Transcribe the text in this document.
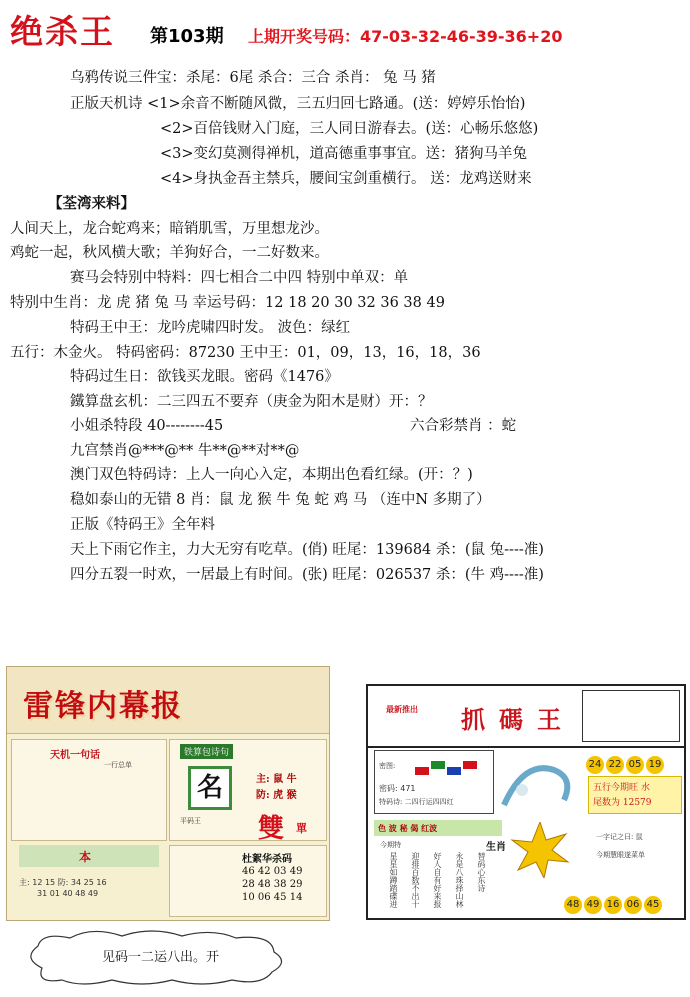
绝杀王 第103期 上期开奖号码：47-03-32-46-39-36+20
乌鸦传说三件宝：杀尾：6尾 杀合：三合 杀肖： 兔 马 猪
正版天机诗 <1>余音不断随风微，三五归回七路通。(送：婷婷乐怡怡)
<2>百倍钱财入门庭，三人同日游春去。(送：心畅乐悠悠)
<3>变幻莫测得禅机，道高德重事事宜。送：猪狗马羊兔
<4>身执金吾主禁兵，腰间宝剑重横行。 送：龙鸡送财来
【荃湾来料】
人间天上，龙合蛇鸡来；暗销肌雪，万里想龙沙。
鸡蛇一起，秋风横大歌；羊狗好合，一二好数来。
赛马会特别中特料：四七相合二中四 特别中单双：单
特别中生肖：龙 虎 猪 兔 马 幸运号码：12 18 20 30 32 36 38 49
特码王中王：龙吟虎啸四时发。 波色：绿红
五行：木金火。 特码密码：87230 王中王：01，09，13，16，18，36
特码过生日：欲钱买龙眼。密码《1476》
鐵算盘玄机：二三四五不要弃（庚金为阳木是财）开：？
小姐杀特段 40--------45	六合彩禁肖 ：蛇
九宫禁肖@***@** 牛**@**对**@
澳门双色特码诗：上人一向心入定，本期出色看红绿。(开：？)
稳如泰山的无错 8 肖：鼠 龙 猴 牛 兔 蛇 鸡 马 （连中N 多期了）
正版《特码王》全年料
天上下雨它作主，力大无穷有吃草。(俏) 旺尾：139684 杀：(鼠 兔----准)
四分五裂一时欢，一居最上有时间。(张) 旺尾：026537 杀：(牛 鸡----准)
雷锋内幕报
天机一句话
一行总单
本
主: 12 15 防: 34 25 16
31 01 40 48 49
铁算包诗句
名	主: 鼠 牛
防: 虎 猴
平码王 雙 單
杜絮华杀码
46 42 03 49
28 48 38 29
10 06 45 14
最新推出 抓碼王
密图:
密码: 471
特码诗: 二四行运四四红
24 22 05 19
五行今期旺 水
尾数为 12579
色 波 秘 偈 红波
今期特	生肖
星星如蹲踏碟进 迎排百数不出十 好人自有好来报 永是八珠择山林 替码心东诗
一字记之曰: 鼠
今期慧眼遂菜单
48 49 16 06 45
见码一二运八出。开
